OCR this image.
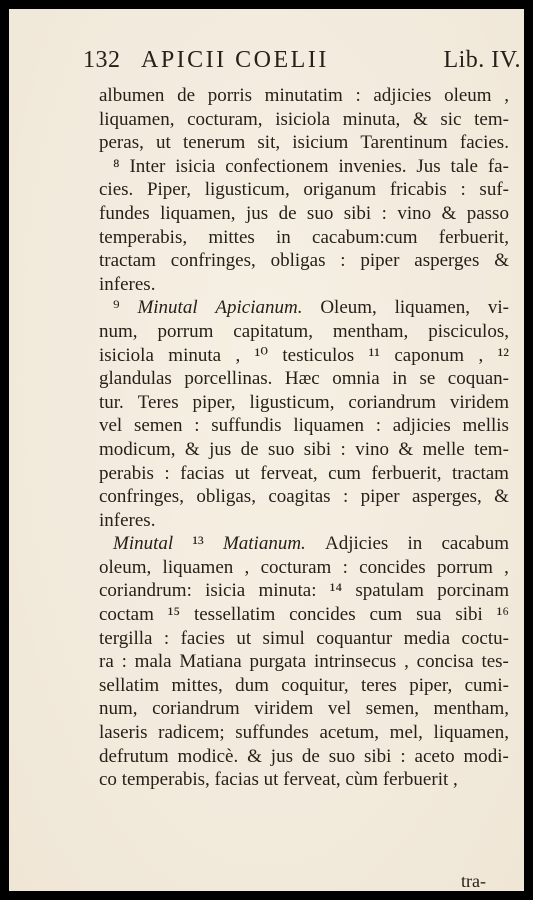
132 APICII COELII	Lib. IV.
albumen de porris minutatim : adjicies oleum ,
liquamen, cocturam, isiciola minuta, & sic tem-
peras, ut tenerum sit, isicium Tarentinum facies.
⁸ Inter isicia confectionem invenies. Jus tale fa-
cies. Piper, ligusticum, origanum fricabis : suf-
fundes liquamen, jus de suo sibi : vino & passo
temperabis, mittes in cacabum:cum ferbuerit,
tractam confringes, obligas : piper asperges &
inferes.
⁹ Minutal Apicianum. Oleum, liquamen, vi-
num, porrum capitatum, mentham, pisciculos,
isiciola minuta , ¹⁰ testiculos ¹¹ caponum , ¹²
glandulas porcellinas. Hæc omnia in se coquan-
tur. Teres piper, ligusticum, coriandrum viridem
vel semen : suffundis liquamen : adjicies mellis
modicum, & jus de suo sibi : vino & melle tem-
perabis : facias ut ferveat, cum ferbuerit, tractam
confringes, obligas, coagitas : piper asperges, &
inferes.
Minutal ¹³ Matianum. Adjicies in cacabum
oleum, liquamen , cocturam : concides porrum ,
coriandrum: isicia minuta: ¹⁴ spatulam porcinam
coctam ¹⁵ tessellatim concides cum sua sibi ¹⁶
tergilla : facies ut simul coquantur media coctu-
ra : mala Matiana purgata intrinsecus , concisa tes-
sellatim mittes, dum coquitur, teres piper, cumi-
num, coriandrum viridem vel semen, mentham,
laseris radicem; suffundes acetum, mel, liquamen,
defrutum modicè. & jus de suo sibi : aceto modi-
co temperabis, facias ut ferveat, cùm ferbuerit ,
tra-
